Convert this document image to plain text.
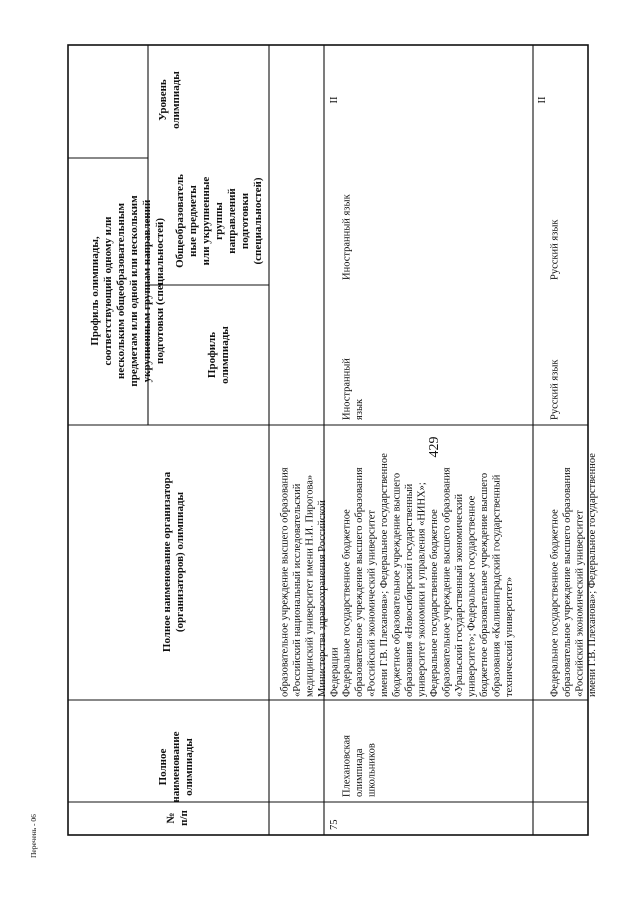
429
Уровень олимпиады
Общеобразователь ные предметы или укрупненные группы направлений подготовки (специальностей)
Профиль олимпиады
Профиль олимпиады, соответствующий одному или нескольким общеобразовательным предметам или одной или нескольким укрупненным группам направлений подготовки (специальностей)
Полное наименование организатора (организаторов) олимпиады
Полное наименование олимпиады
№ п/п
образовательное учреждение высшего образования «Российский национальный исследовательский медицинский университет имени Н.И. Пирогова» Министерства здравоохранения Российской Федерации
75
Плехановская олимпиада школьников
Федеральное государственное бюджетное образовательное учреждение высшего образования «Российский экономический университет имени Г.В. Плеханова»; Федеральное государственное бюджетное образовательное учреждение высшего образования «Новосибирский государственный университет экономики и управления «НИНХ»; Федеральное государственное бюджетное образовательное учреждение высшего образования «Уральский государственный экономический университет»; Федеральное государственное бюджетное образовательное учреждение высшего образования «Калининградский государственный технический университет»
Иностранный язык
Иностранный язык
II
Федеральное государственное бюджетное образовательное учреждение высшего образования «Российский экономический университет имени Г.В. Плеханова»; Федеральное государственное
Русский язык
Русский язык
II
Перечень - 06
